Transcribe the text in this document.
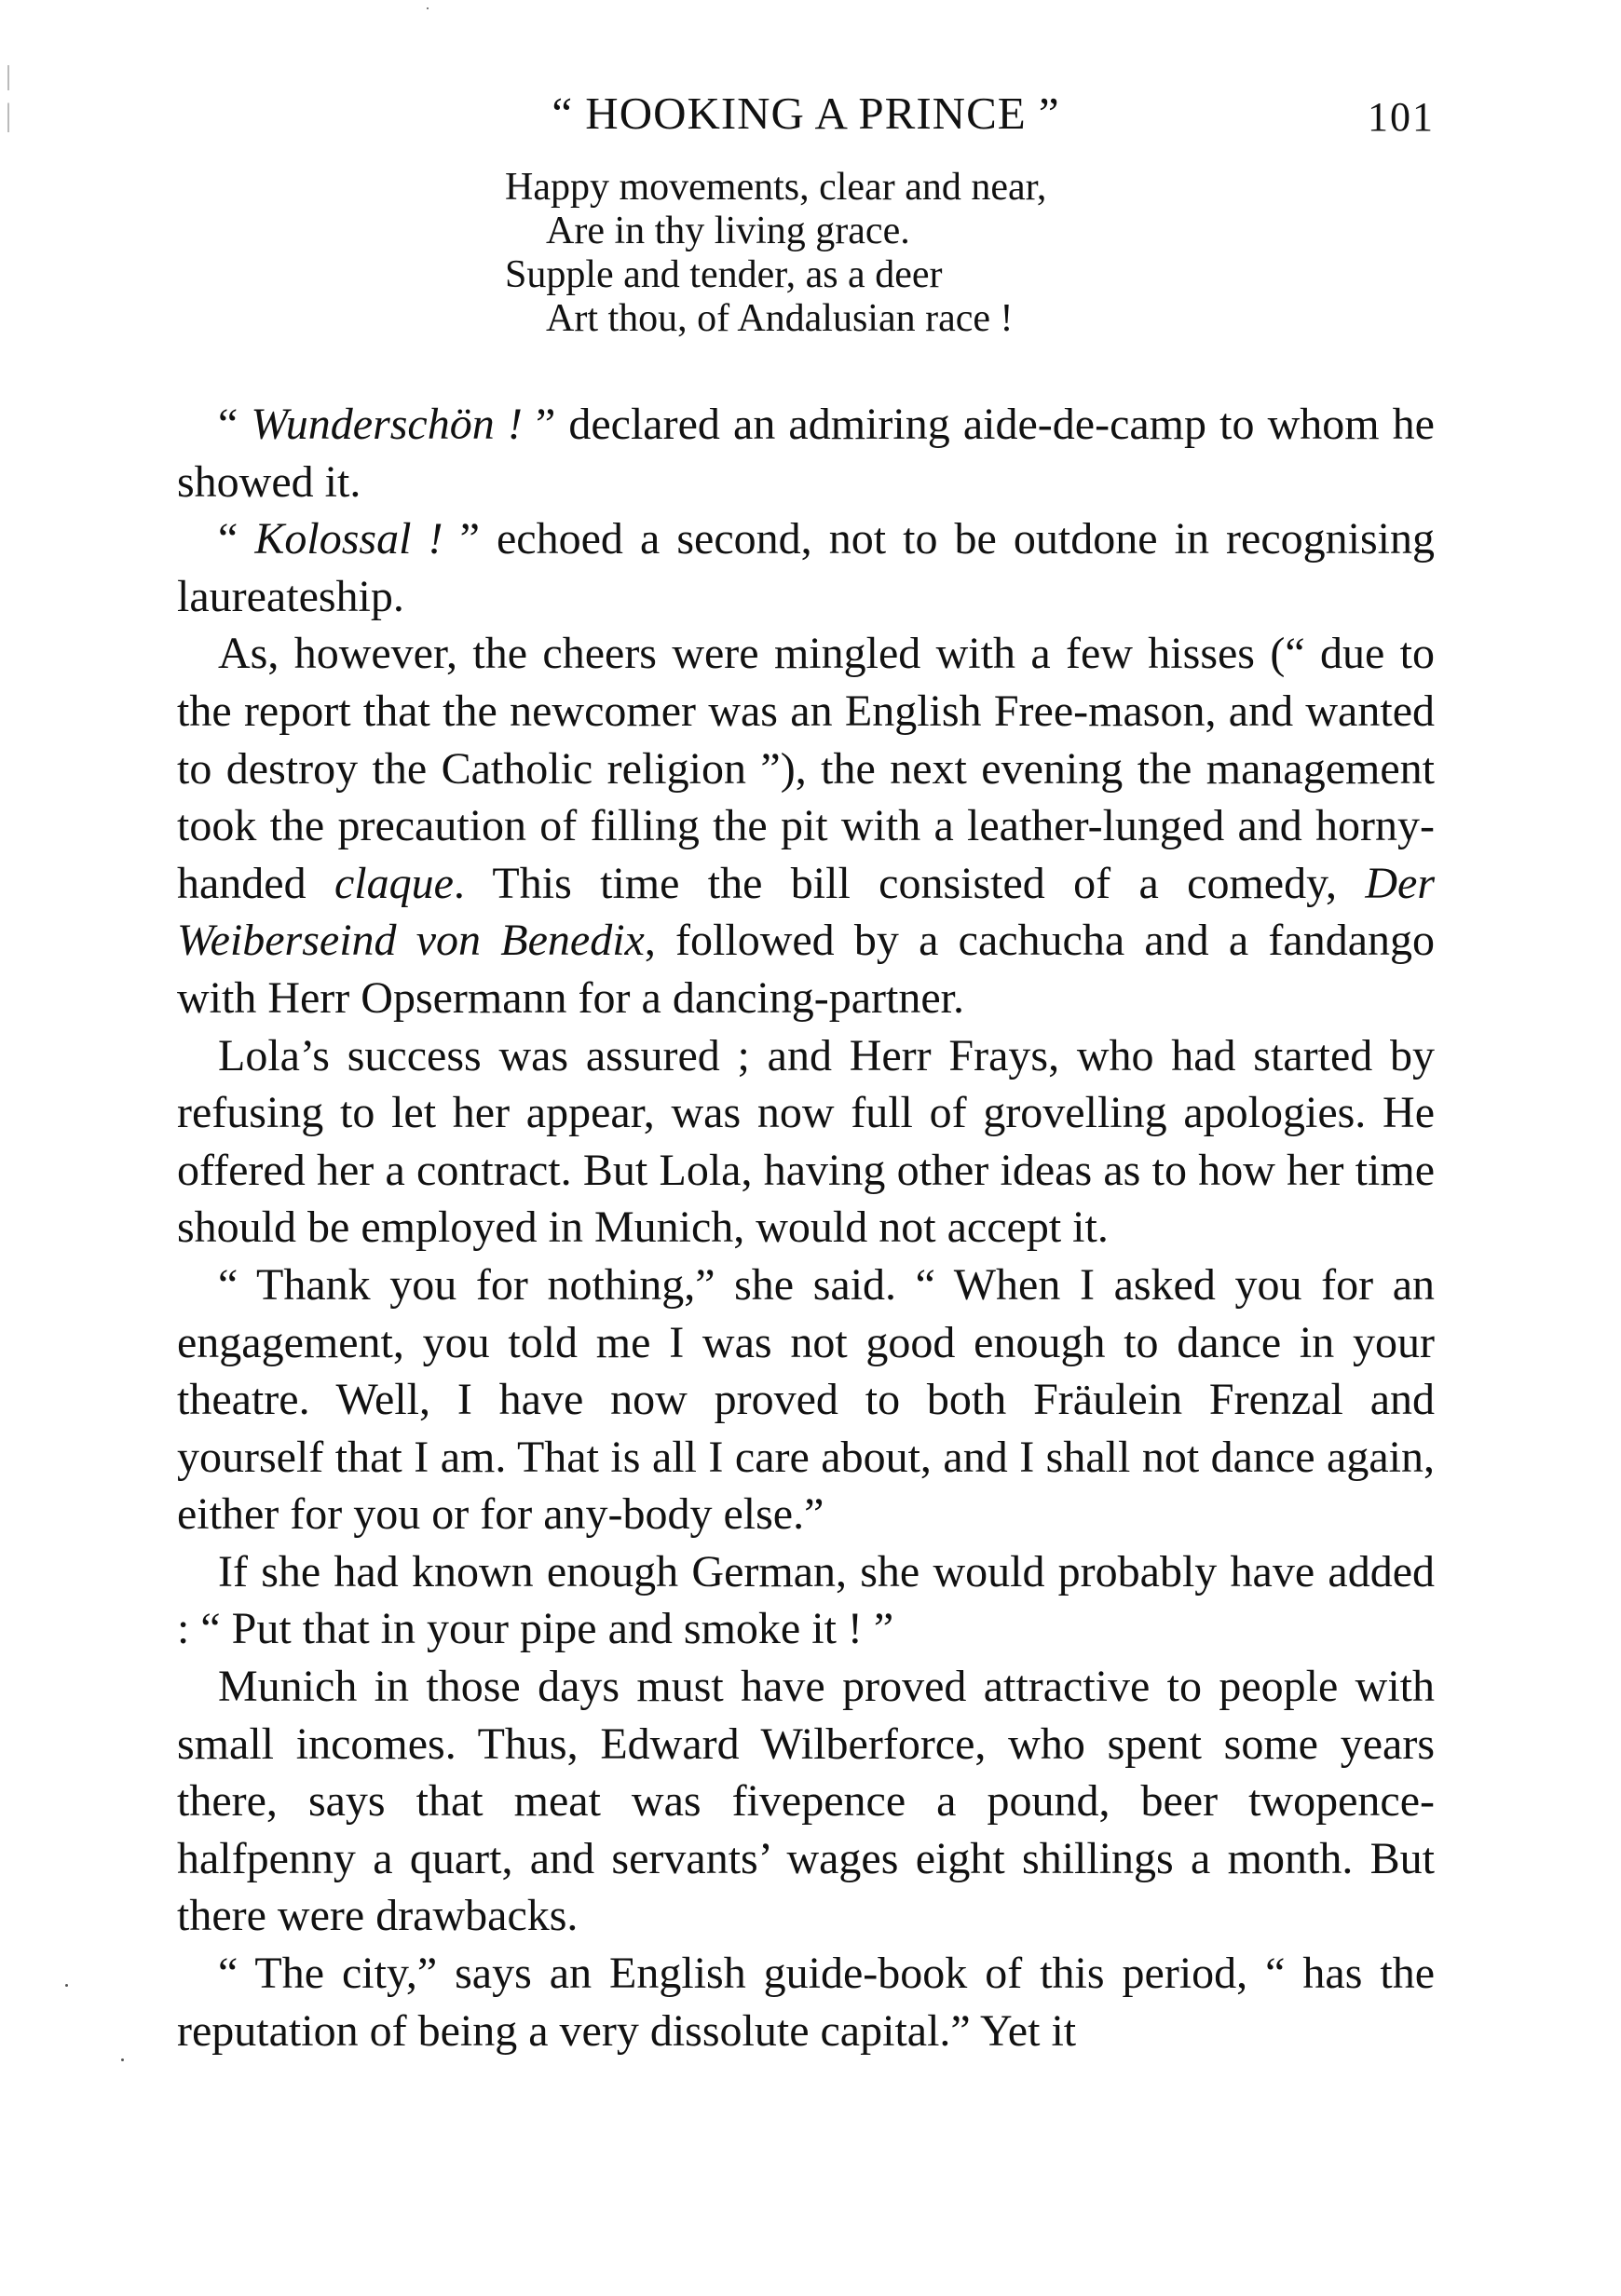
“ HOOKING A PRINCE ”	101
Happy movements, clear and near,
Are in thy living grace.
Supple and tender, as a deer
Art thou, of Andalusian race !

“ Wunderschön ! ” declared an admiring aide-de-camp to whom he showed it.

“ Kolossal ! ” echoed a second, not to be outdone in recognising laureateship.

As, however, the cheers were mingled with a few hisses (“ due to the report that the newcomer was an English Free-mason, and wanted to destroy the Catholic religion ”), the next evening the management took the precaution of filling the pit with a leather-lunged and horny-handed claque. This time the bill consisted of a comedy, Der Weiberseind von Benedix, followed by a cachucha and a fandango with Herr Opsermann for a dancing-partner.

Lola’s success was assured ; and Herr Frays, who had started by refusing to let her appear, was now full of grovelling apologies. He offered her a contract. But Lola, having other ideas as to how her time should be employed in Munich, would not accept it.

“ Thank you for nothing,” she said. “ When I asked you for an engagement, you told me I was not good enough to dance in your theatre. Well, I have now proved to both Fräulein Frenzal and yourself that I am. That is all I care about, and I shall not dance again, either for you or for any-body else.”

If she had known enough German, she would probably have added : “ Put that in your pipe and smoke it ! ”

Munich in those days must have proved attractive to people with small incomes. Thus, Edward Wilberforce, who spent some years there, says that meat was fivepence a pound, beer twopence-halfpenny a quart, and servants’ wages eight shillings a month. But there were drawbacks.

“ The city,” says an English guide-book of this period, “ has the reputation of being a very dissolute capital.” Yet it
